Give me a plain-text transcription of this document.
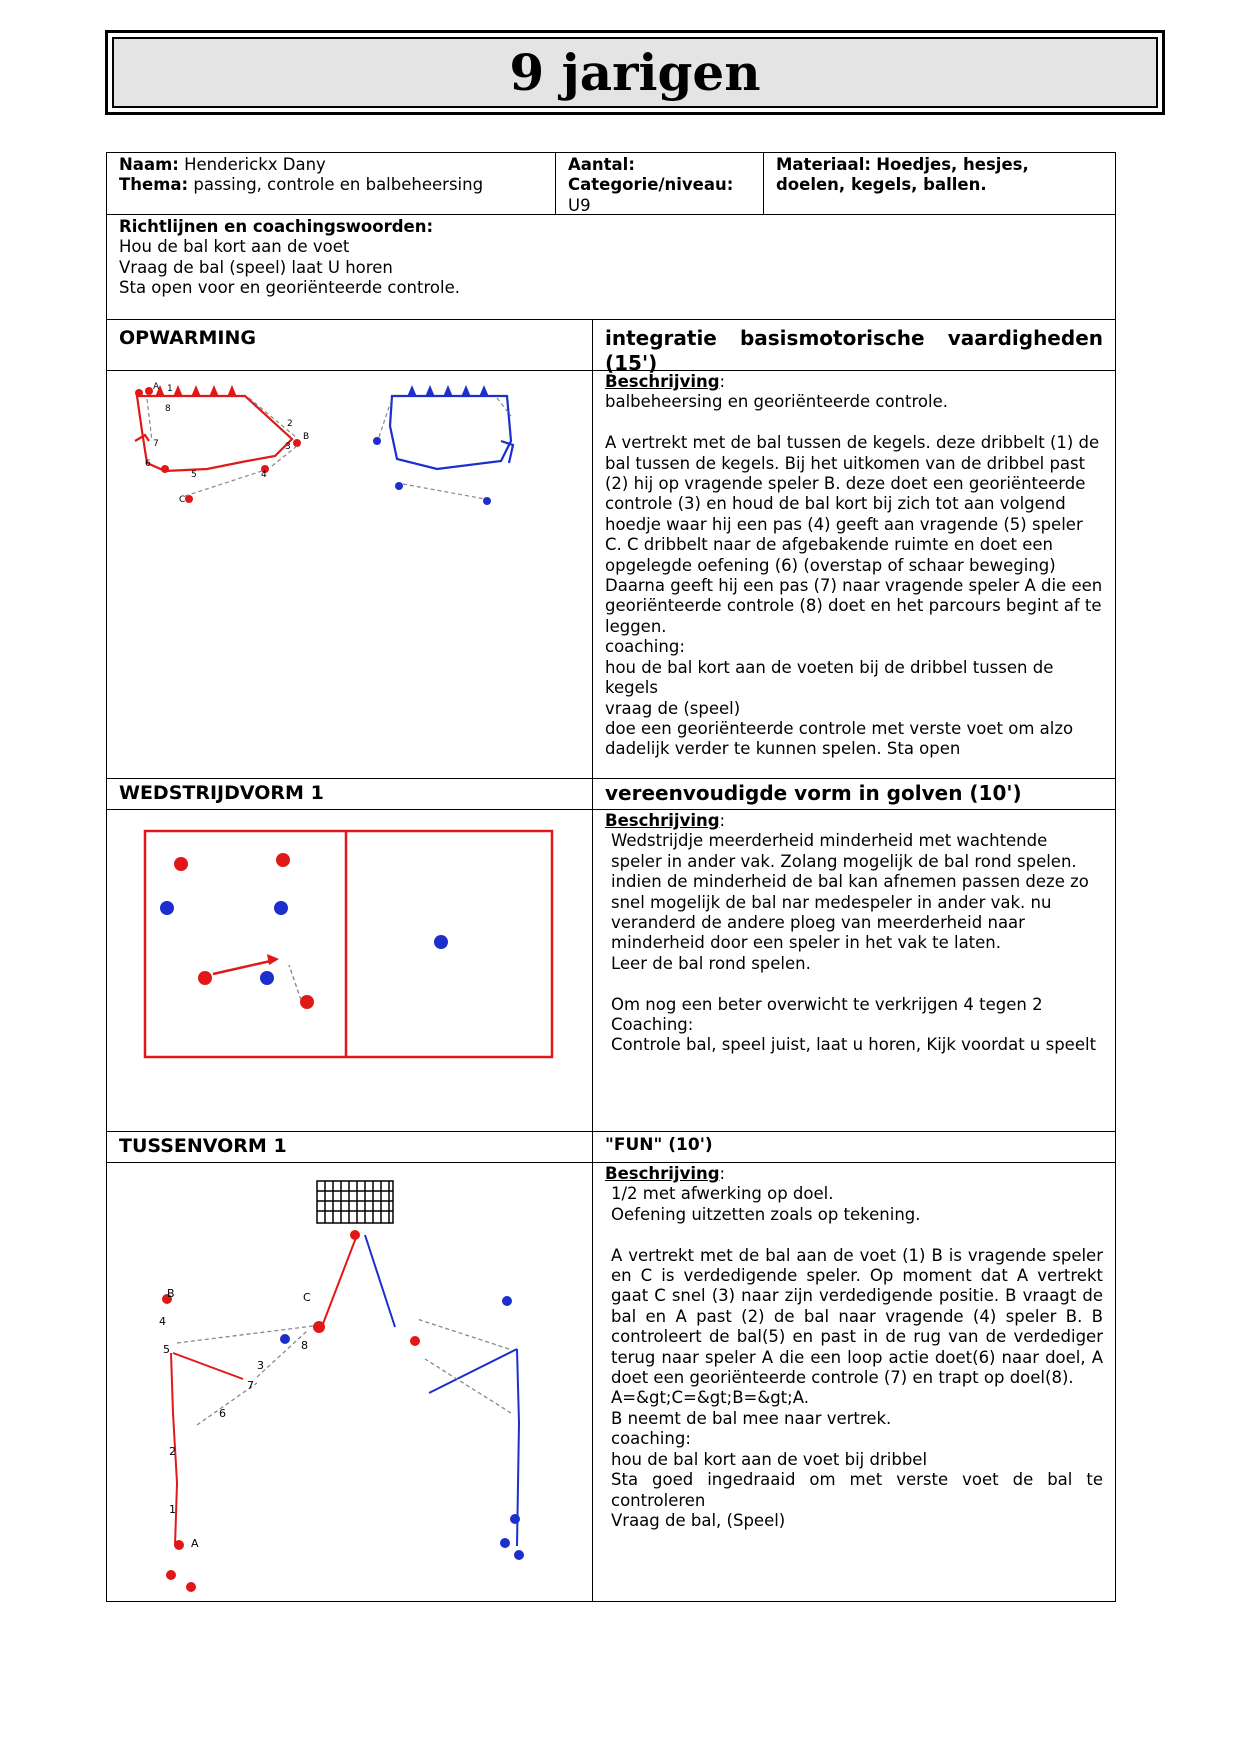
9 jarigen
Naam: Henderickx Dany
Thema: passing, controle en balbeheersing
Aantal:
Categorie/niveau:
U9
Materiaal: Hoedjes, hesjes, doelen, kegels, ballen.
Richtlijnen en coachingswoorden:
Hou de bal kort aan de voet
Vraag de bal (speel) laat U horen
Sta open voor en georiënteerde controle.
OPWARMING	integratie basismotorische vaardigheden (15')
A
B
C
1
2
3
4
5
6
7
8
Beschrijving:
balbeheersing en georiënteerde controle.

A vertrekt met de bal tussen de kegels. deze dribbelt (1) de bal tussen de kegels. Bij het uitkomen van de dribbel past (2) hij op vragende speler B. deze doet een georiënteerde controle (3) en houd de bal kort bij zich tot aan volgend hoedje waar hij een pas (4) geeft aan vragende (5) speler C. C dribbelt naar de afgebakende ruimte en doet een opgelegde oefening (6) (overstap of schaar beweging) Daarna geeft hij een pas (7) naar vragende speler A die een georiënteerde controle (8) doet en het parcours begint af te leggen.
coaching:
hou de bal kort aan de voeten bij de dribbel tussen de kegels
vraag de (speel)
doe een georiënteerde controle met verste voet om alzo dadelijk verder te kunnen spelen. Sta open
WEDSTRIJDVORM 1	vereenvoudigde vorm in golven (10')
Beschrijving:
Wedstrijdje meerderheid minderheid met wachtende speler in ander vak. Zolang mogelijk de bal rond spelen. indien de minderheid de bal kan afnemen passen deze zo snel mogelijk de bal nar medespeler in ander vak. nu veranderd de andere ploeg van meerderheid naar minderheid door een speler in het vak te laten.
Leer de bal rond spelen.

Om nog een beter overwicht te verkrijgen 4 tegen 2
Coaching:
Controle bal, speel juist, laat u horen, Kijk voordat u speelt
TUSSENVORM 1	"FUN" (10')
A
B	C
1
2
3
4
5
6
7
8
Beschrijving:
1/2 met afwerking op doel.
Oefening uitzetten zoals op tekening.

A vertrekt met de bal aan de voet (1) B is vragende speler en C is verdedigende speler. Op moment dat A vertrekt gaat C snel (3) naar zijn verdedigende positie. B vraagt de bal en A past (2) de bal naar vragende (4) speler B. B controleert de bal(5) en past in de rug van de verdediger terug naar speler A die een loop actie doet(6) naar doel, A doet een georiënteerde controle (7) en trapt op doel(8).
A=&gt;C=&gt;B=&gt;A.
B neemt de bal mee naar vertrek.
coaching:
hou de bal kort aan de voet bij dribbel
Sta goed ingedraaid om met verste voet de bal te controleren
Vraag de bal, (Speel)
